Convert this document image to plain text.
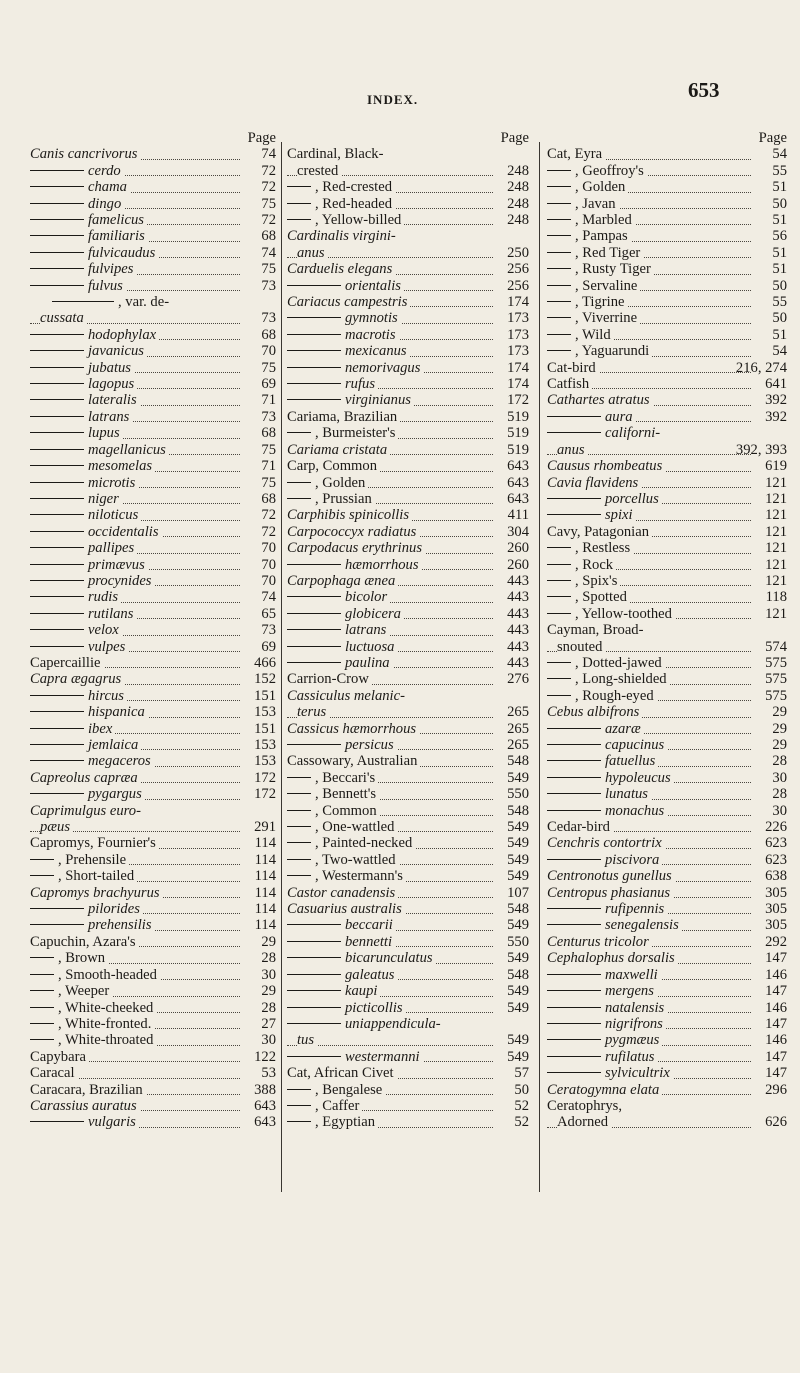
INDEX.	653
Page
Canis cancrivorus	74
cerdo	72
chama	72
dingo	75
famelicus	72
familiaris	68
fulvicaudus	74
fulvipes	75
fulvus	73
, var. de-
cussata	73
hodophylax	68
javanicus	70
jubatus	75
lagopus	69
lateralis	71
latrans	73
lupus	68
magellanicus	75
mesomelas	71
microtis	75
niger	68
niloticus	72
occidentalis	72
pallipes	70
primævus	70
procynides	70
rudis	74
rutilans	65
velox	73
vulpes	69
Capercaillie	466
Capra ægagrus	152
hircus	151
hispanica	153
ibex	151
jemlaica	153
megaceros	153
Capreolus capræa	172
pygargus	172
Caprimulgus euro-
pæus	291
Capromys, Fournier's	114
, Prehensile	114
, Short-tailed	114
Capromys brachyurus	114
pilorides	114
prehensilis	114
Capuchin, Azara's	29
, Brown	28
, Smooth-headed	30
, Weeper	29
, White-cheeked	28
, White-fronted.	27
, White-throated	30
Capybara	122
Caracal	53
Caracara, Brazilian	388
Carassius auratus	643
vulgaris	643
Page
Cardinal, Black-
crested	248
, Red-crested	248
, Red-headed	248
, Yellow-billed	248
Cardinalis virgini-
anus	250
Carduelis elegans	256
orientalis	256
Cariacus campestris	174
gymnotis	173
macrotis	173
mexicanus	173
nemorivagus	174
rufus	174
virginianus	172
Cariama, Brazilian	519
, Burmeister's	519
Cariama cristata	519
Carp, Common	643
, Golden	643
, Prussian	643
Carphibis spinicollis	411
Carpococcyx radiatus	304
Carpodacus erythrinus	260
hæmorrhous	260
Carpophaga ænea	443
bicolor	443
globicera	443
latrans	443
luctuosa	443
paulina	443
Carrion-Crow	276
Cassiculus melanic-
terus	265
Cassicus hæmorrhous	265
persicus	265
Cassowary, Australian	548
, Beccari's	549
, Bennett's	550
, Common	548
, One-wattled	549
, Painted-necked	549
, Two-wattled	549
, Westermann's	549
Castor canadensis	107
Casuarius australis	548
beccarii	549
bennetti	550
bicarunculatus	549
galeatus	548
kaupi	549
picticollis	549
uniappendicula-
tus	549
westermanni	549
Cat, African Civet	57
, Bengalese	50
, Caffer	52
, Egyptian	52
Page
Cat, Eyra	54
, Geoffroy's	55
, Golden	51
, Javan	50
, Marbled	51
, Pampas	56
, Red Tiger	51
, Rusty Tiger	51
, Servaline	50
, Tigrine	55
, Viverrine	50
, Wild	51
, Yaguarundi	54
Cat-bird	216, 274
Catfish	641
Cathartes atratus	392
aura	392
californi-
anus	392, 393
Causus rhombeatus	619
Cavia flavidens	121
porcellus	121
spixi	121
Cavy, Patagonian	121
, Restless	121
, Rock	121
, Spix's	121
, Spotted	118
, Yellow-toothed	121
Cayman, Broad-
snouted	574
, Dotted-jawed	575
, Long-shielded	575
, Rough-eyed	575
Cebus albifrons	29
azaræ	29
capucinus	29
fatuellus	28
hypoleucus	30
lunatus	28
monachus	30
Cedar-bird	226
Cenchris contortrix	623
piscivora	623
Centronotus gunellus	638
Centropus phasianus	305
rufipennis	305
senegalensis	305
Centurus tricolor	292
Cephalophus dorsalis	147
maxwelli	146
mergens	147
natalensis	146
nigrifrons	147
pygmæus	146
rufilatus	147
sylvicultrix	147
Ceratogymna elata	296
Ceratophrys,
Adorned	626
